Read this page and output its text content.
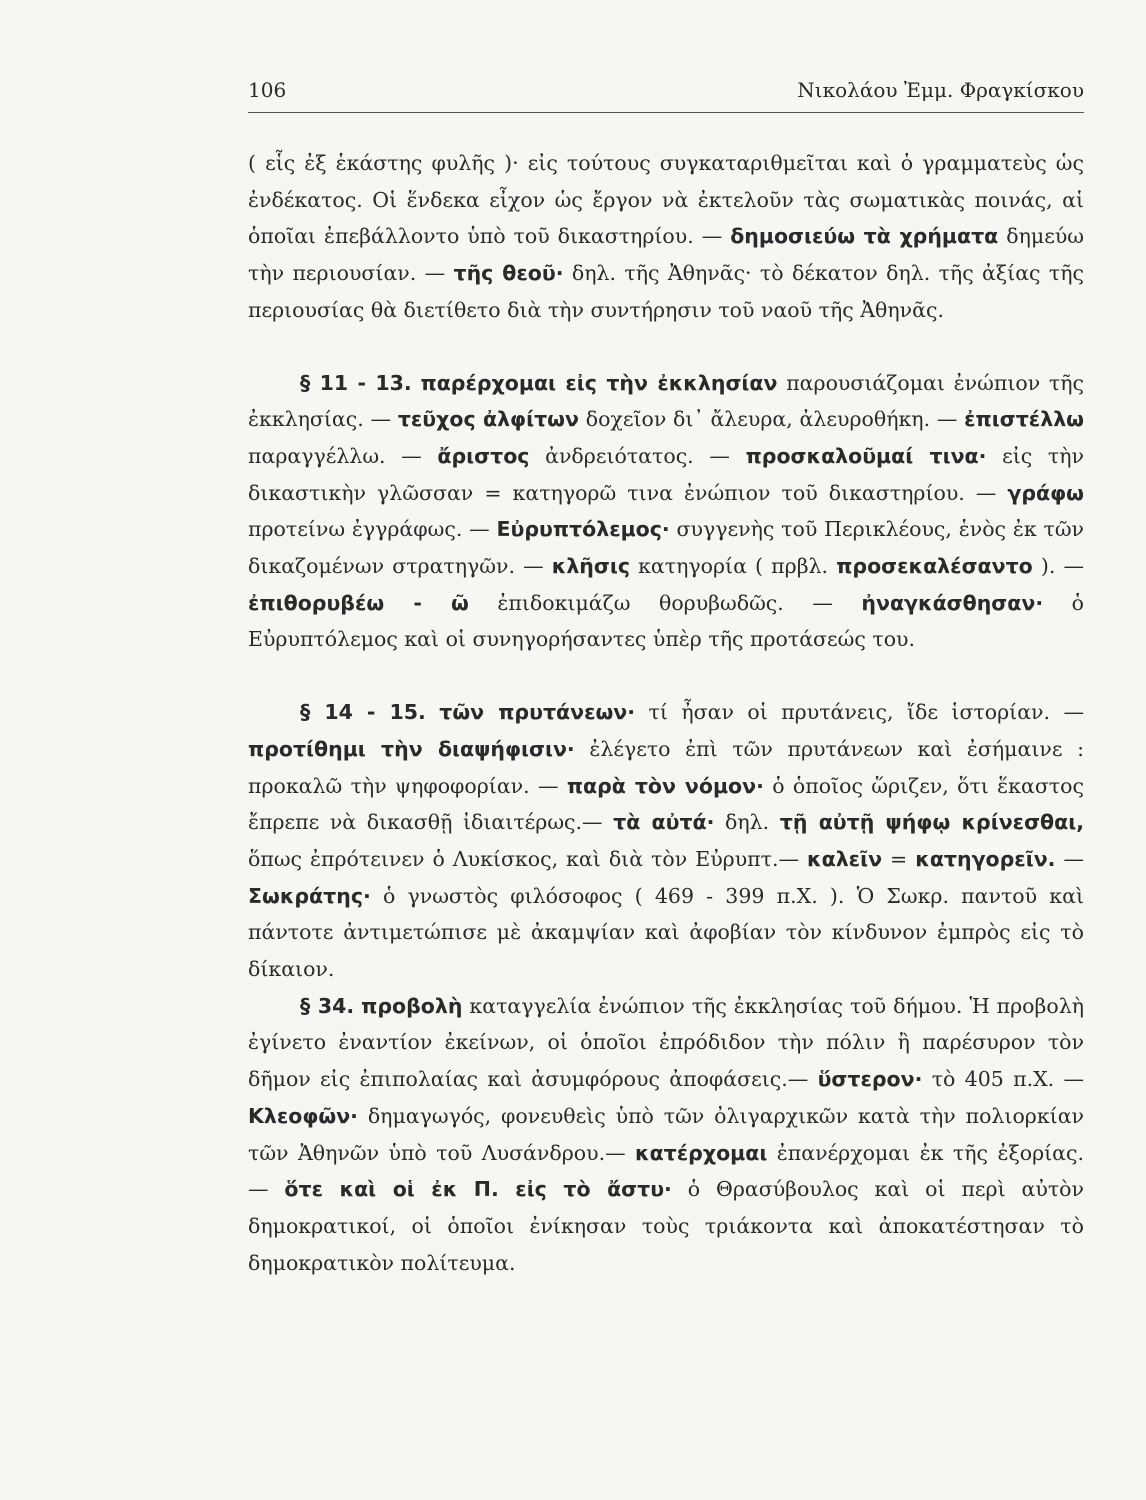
106	Νικολάου Ἐμμ. Φραγκίσκου

( εἷς ἐξ ἑκάστης φυλῆς )· εἰς τούτους συγκαταριθμεῖται καὶ ὁ γραμματεὺς ὡς ἐνδέκατος. Οἱ ἕνδεκα εἶχον ὡς ἔργον νὰ ἐκτελοῦν τὰς σωματικὰς ποινάς, αἱ ὁποῖαι ἐπεβάλλοντο ὑπὸ τοῦ δικαστηρίου. — δημοσιεύω τὰ χρήματα δημεύω τὴν περιουσίαν. — τῆς θεοῦ· δηλ. τῆς Ἀθηνᾶς· τὸ δέκατον δηλ. τῆς ἀξίας τῆς περιουσίας θὰ διετίθετο διὰ τὴν συντήρησιν τοῦ ναοῦ τῆς Ἀθηνᾶς.

§ 11 - 13. παρέρχομαι εἰς τὴν ἐκκλησίαν παρουσιάζομαι ἐνώπιον τῆς ἐκκλησίας. — τεῦχος ἀλφίτων δοχεῖον δι᾽ ἄλευρα, ἀλευροθήκη. — ἐπιστέλλω παραγγέλλω. — ἄριστος ἀνδρειότατος. — προσκαλοῦμαί τινα· εἰς τὴν δικαστικὴν γλῶσσαν = κατηγορῶ τινα ἐνώπιον τοῦ δικαστηρίου. — γράφω προτείνω ἐγγράφως. — Εὐρυπτόλεμος· συγγενὴς τοῦ Περικλέους, ἑνὸς ἐκ τῶν δικαζομένων στρατηγῶν. — κλῆσις κατηγορία ( πρβλ. προσεκαλέσαντο ). — ἐπιθορυβέω - ῶ ἐπιδοκιμάζω θορυβωδῶς. — ἠναγκάσθησαν· ὁ Εὐρυπτόλεμος καὶ οἱ συνηγορήσαντες ὑπὲρ τῆς προτάσεώς του.

§ 14 - 15. τῶν πρυτάνεων· τί ἦσαν οἱ πρυτάνεις, ἴδε ἱστορίαν. — προτίθημι τὴν διαψήφισιν· ἐλέγετο ἐπὶ τῶν πρυτάνεων καὶ ἐσήμαινε : προκαλῶ τὴν ψηφοφορίαν. — παρὰ τὸν νόμον· ὁ ὁποῖος ὥριζεν, ὅτι ἕκαστος ἔπρεπε νὰ δικασθῇ ἰδιαιτέρως.— τὰ αὐτά· δηλ. τῇ αὐτῇ ψήφῳ κρίνεσθαι, ὅπως ἐπρότεινεν ὁ Λυκίσκος, καὶ διὰ τὸν Εὐρυπτ.— καλεῖν = κατηγορεῖν. — Σωκράτης· ὁ γνωστὸς φιλόσοφος ( 469 - 399 π.Χ. ). Ὁ Σωκρ. παντοῦ καὶ πάντοτε ἀντιμετώπισε μὲ ἀκαμψίαν καὶ ἀφοβίαν τὸν κίνδυνον ἐμπρὸς εἰς τὸ δίκαιον.

§ 34. προβολὴ καταγγελία ἐνώπιον τῆς ἐκκλησίας τοῦ δήμου. Ἡ προβολὴ ἐγίνετο ἐναντίον ἐκείνων, οἱ ὁποῖοι ἐπρόδιδον τὴν πόλιν ἢ παρέσυρον τὸν δῆμον εἰς ἐπιπολαίας καὶ ἀσυμφόρους ἀποφάσεις.— ὕστερον· τὸ 405 π.Χ. — Κλεοφῶν· δημαγωγός, φονευθεὶς ὑπὸ τῶν ὀλιγαρχικῶν κατὰ τὴν πολιορκίαν τῶν Ἀθηνῶν ὑπὸ τοῦ Λυσάνδρου.— κατέρχομαι ἐπανέρχομαι ἐκ τῆς ἐξορίας. — ὅτε καὶ οἱ ἐκ Π. εἰς τὸ ἄστυ· ὁ Θρασύβουλος καὶ οἱ περὶ αὐτὸν δημοκρατικοί, οἱ ὁποῖοι ἐνίκησαν τοὺς τριάκοντα καὶ ἀποκατέστησαν τὸ δημοκρατικὸν πολίτευμα.
